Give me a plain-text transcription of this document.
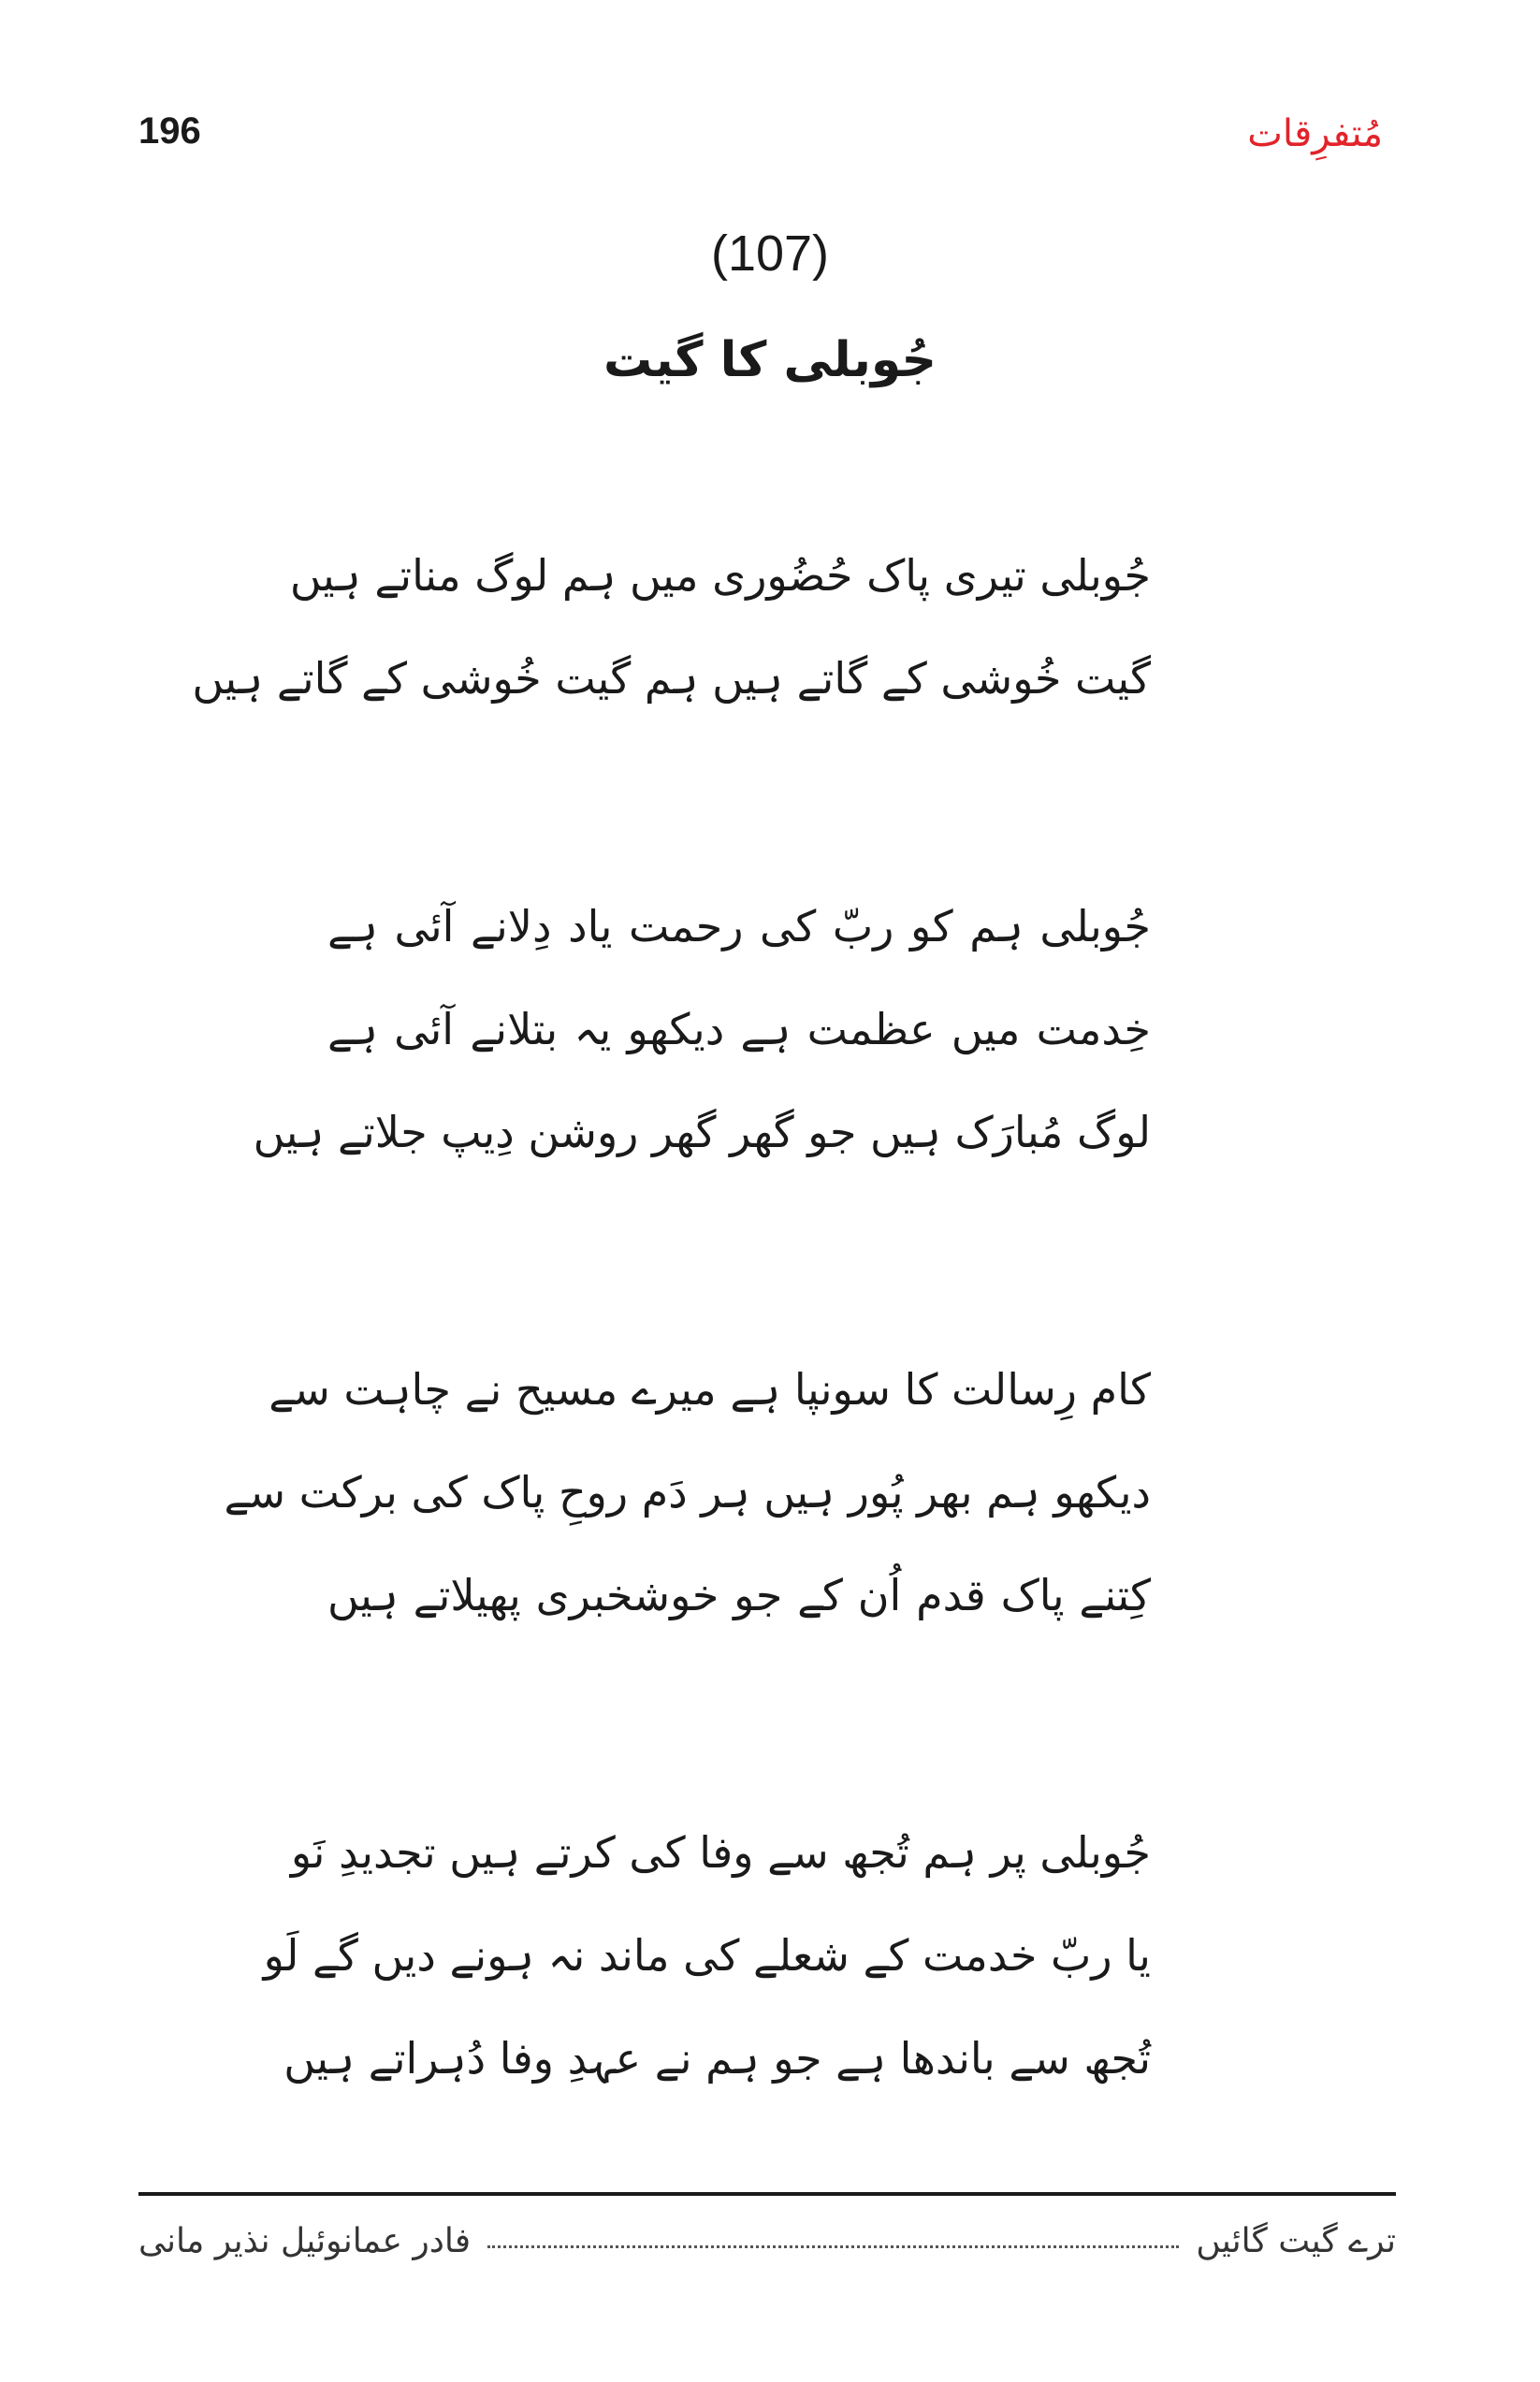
196	مُتفرِقات
(107)
جُوبلی کا گیت
جُوبلی تیری پاک حُضُوری میں ہم لوگ مناتے ہیں
گیت خُوشی کے گاتے ہیں ہم گیت خُوشی کے گاتے ہیں
جُوبلی ہم کو ربّ کی رحمت یاد دِلانے آئی ہے
خِدمت میں عظمت ہے دیکھو یہ بتلانے آئی ہے
لوگ مُبارَک ہیں جو گھر گھر روشن دِیپ جلاتے ہیں
کام رِسالت کا سونپا ہے میرے مسیح نے چاہت سے
دیکھو ہم بھر پُور ہیں ہر دَم روحِ پاک کی برکت سے
کِتنے پاک قدم اُن کے جو خوشخبری پھیلاتے ہیں
جُوبلی پر ہم تُجھ سے وفا کی کرتے ہیں تجدیدِ نَو
یا ربّ خدمت کے شعلے کی ماند نہ ہونے دیں گے لَو
تُجھ سے باندھا ہے جو ہم نے عہدِ وفا دُہراتے ہیں
ترے گیت گائیں
فادر عمانوئیل نذیر مانی
